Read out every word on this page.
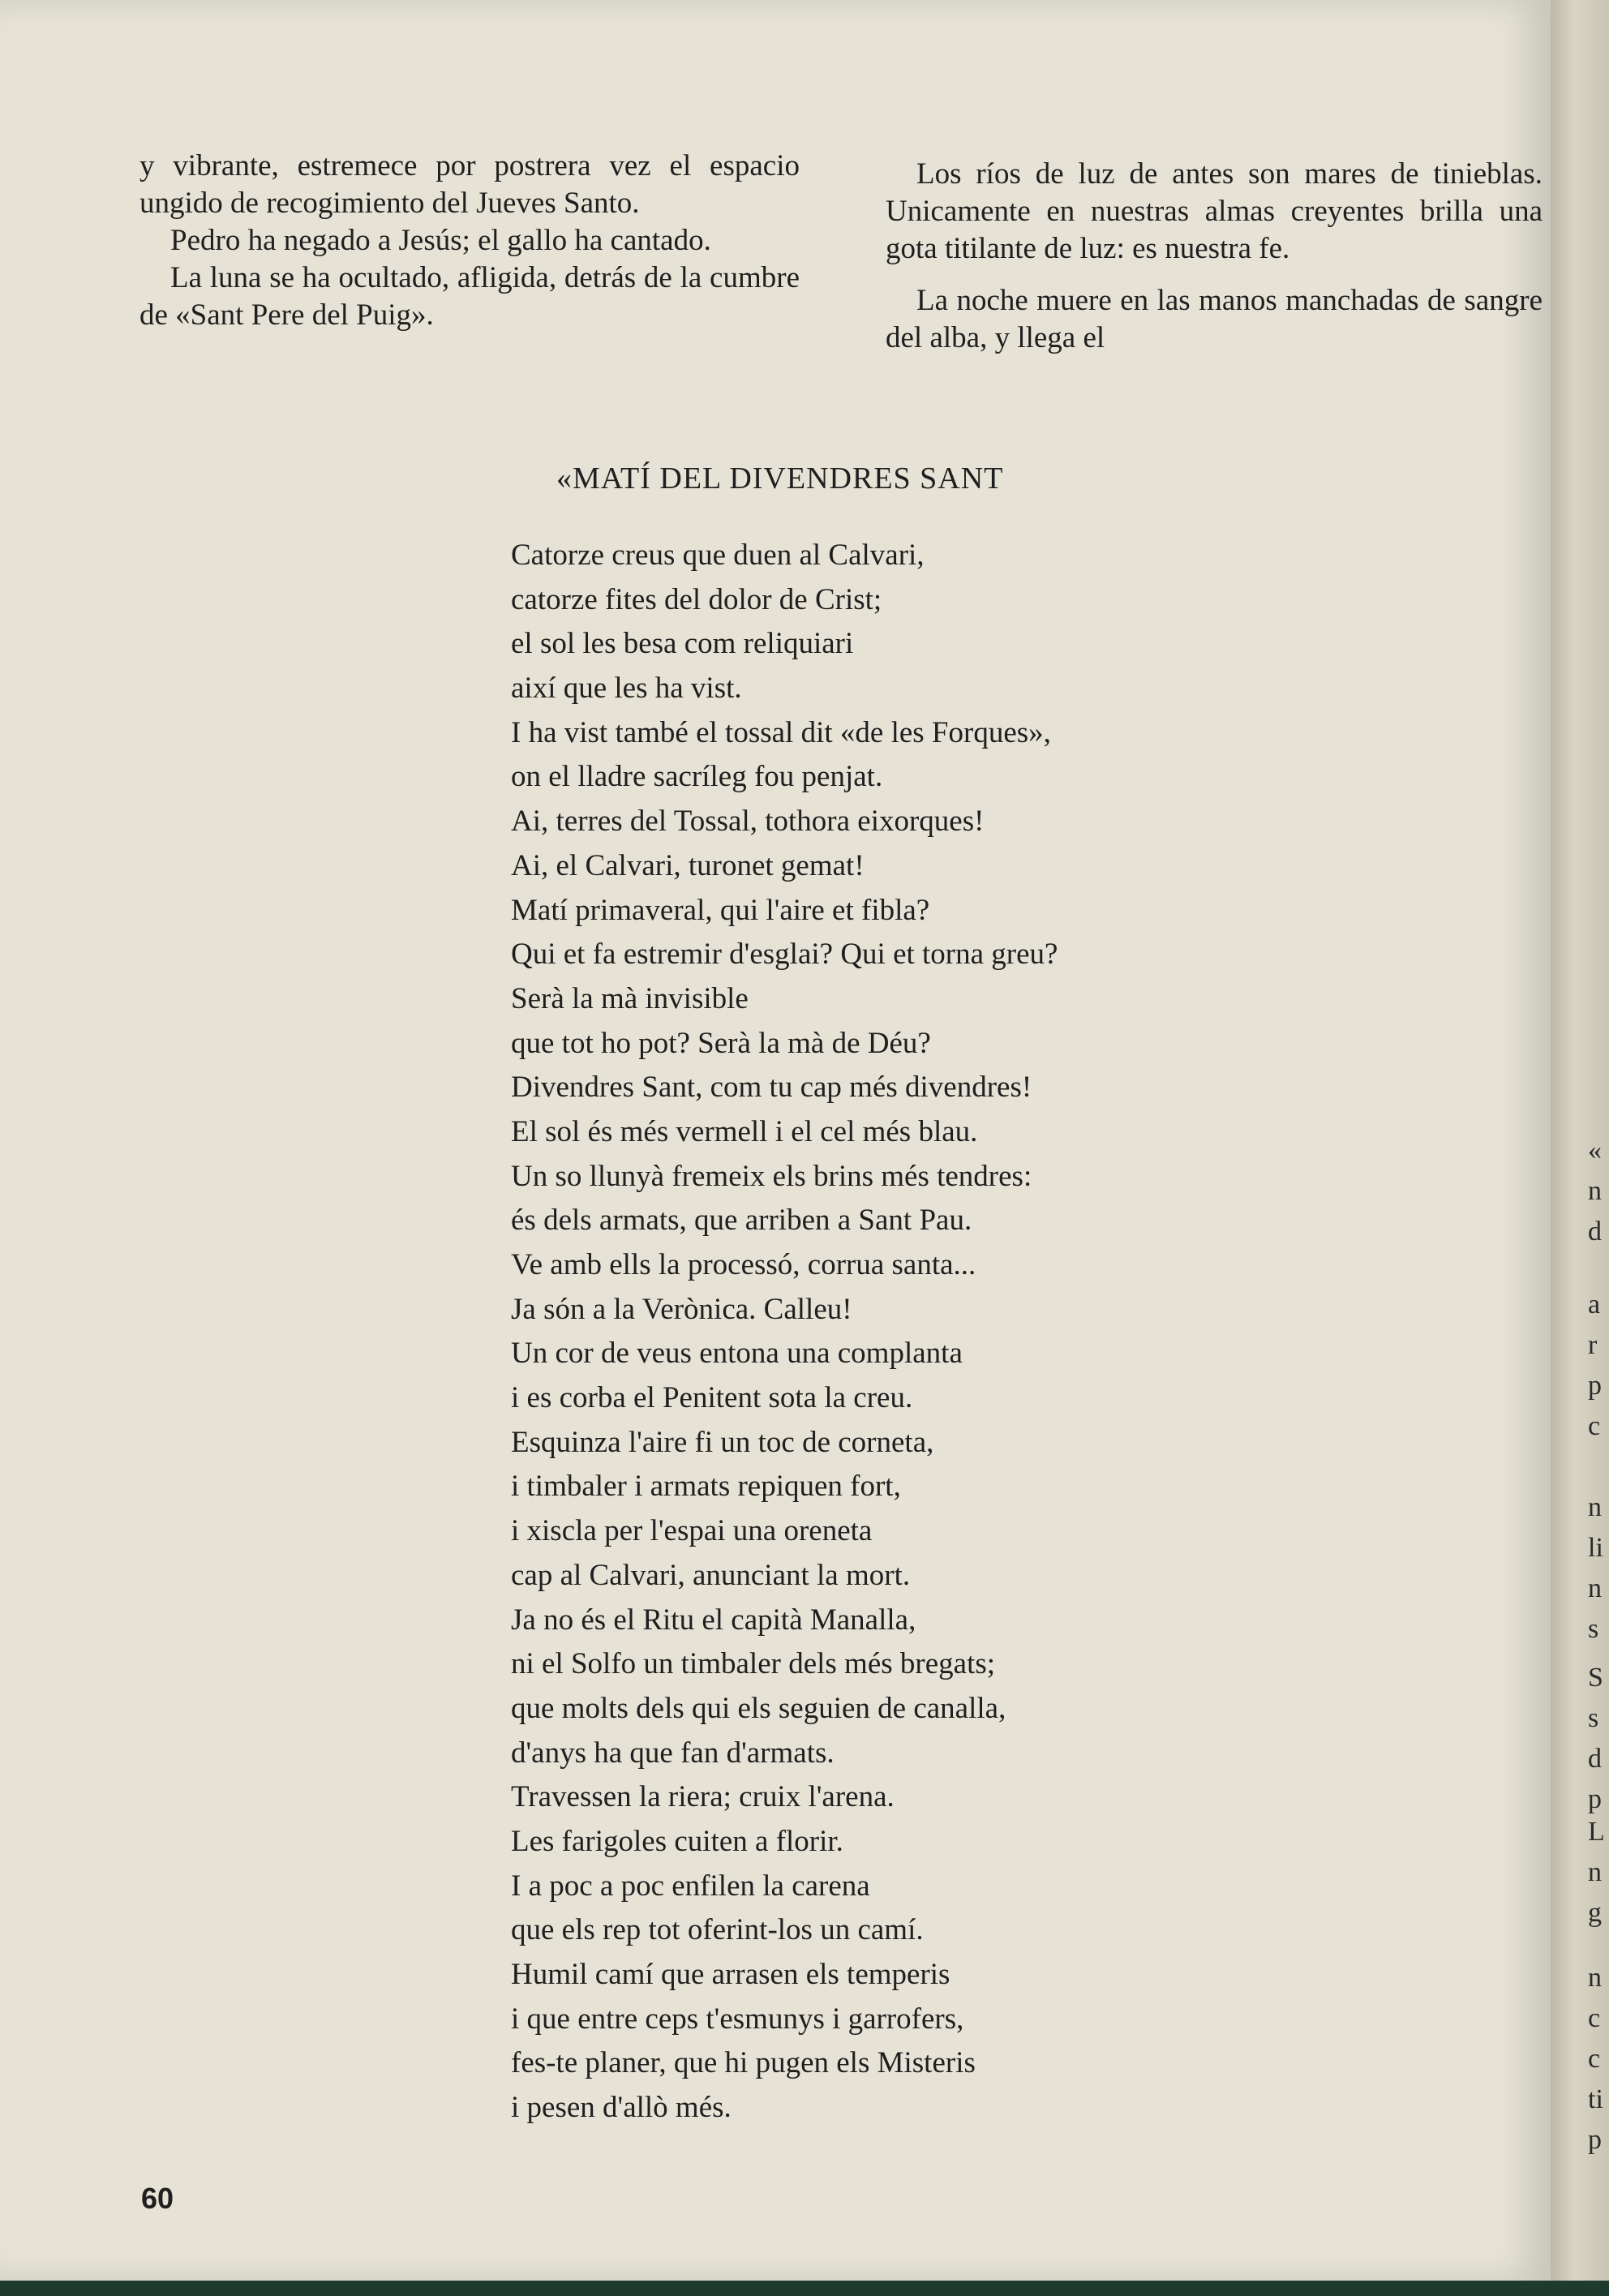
y vibrante, estremece por postrera vez el espacio ungido de recogimiento del Jueves Santo.

Pedro ha negado a Jesús; el gallo ha cantado.

La luna se ha ocultado, afligida, detrás de la cumbre de «Sant Pere del Puig».

Los ríos de luz de antes son mares de tinieblas. Unicamente en nuestras almas creyentes brilla una gota titilante de luz: es nuestra fe.

La noche muere en las manos manchadas de sangre del alba, y llega el

«MATÍ DEL DIVENDRES SANT
Catorze creus que duen al Calvari,
catorze fites del dolor de Crist;
el sol les besa com reliquiari
així que les ha vist.
I ha vist també el tossal dit «de les Forques»,
on el lladre sacríleg fou penjat.
Ai, terres del Tossal, tothora eixorques!
Ai, el Calvari, turonet gemat!
Matí primaveral, qui l'aire et fibla?
Qui et fa estremir d'esglai? Qui et torna greu?
Serà la mà invisible
que tot ho pot? Serà la mà de Déu?
Divendres Sant, com tu cap més divendres!
El sol és més vermell i el cel més blau.
Un so llunyà fremeix els brins més tendres:
és dels armats, que arriben a Sant Pau.
Ve amb ells la processó, corrua santa...
Ja són a la Verònica. Calleu!
Un cor de veus entona una complanta
i es corba el Penitent sota la creu.
Esquinza l'aire fi un toc de corneta,
i timbaler i armats repiquen fort,
i xiscla per l'espai una oreneta
cap al Calvari, anunciant la mort.
Ja no és el Ritu el capità Manalla,
ni el Solfo un timbaler dels més bregats;
que molts dels qui els seguien de canalla,
d'anys ha que fan d'armats.
Travessen la riera; cruix l'arena.
Les farigoles cuiten a florir.
I a poc a poc enfilen la carena
que els rep tot oferint-los un camí.
Humil camí que arrasen els temperis
i que entre ceps t'esmunys i garrofers,
fes-te planer, que hi pugen els Misteris
i pesen d'allò més.
60
«
n
d
a
r
p
c
n
li
n
s
S
s
d
p
L
n
g
n
c
c
ti
p
